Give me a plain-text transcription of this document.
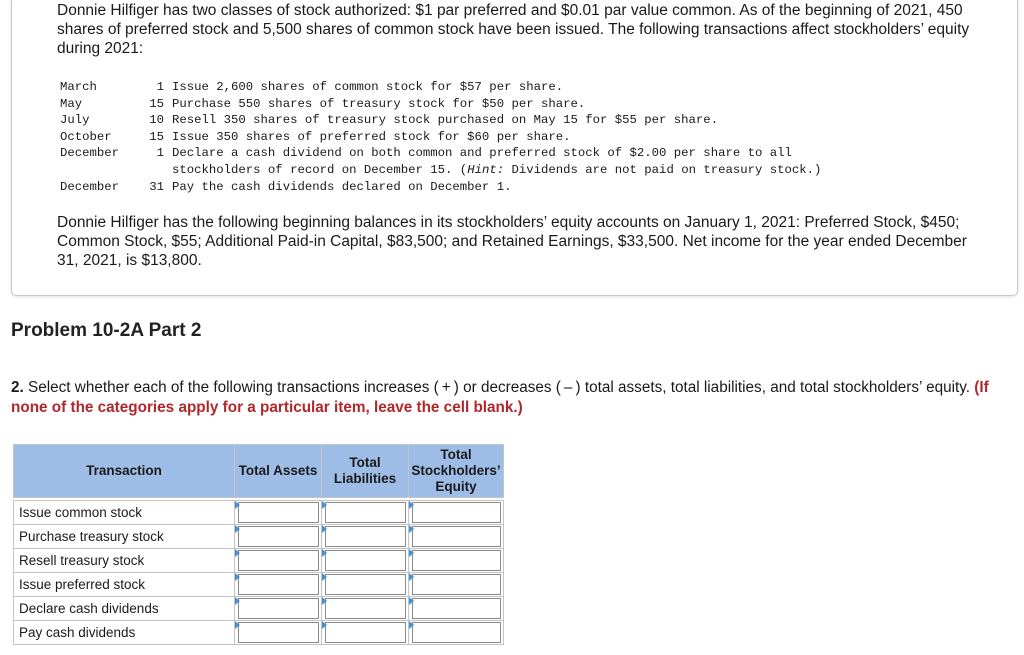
Donnie Hilfiger has two classes of stock authorized: $1 par preferred and $0.01 par value common. As of the beginning of 2021, 450 shares of preferred stock and 5,500 shares of common stock have been issued. The following transactions affect stockholders’ equity during 2021:

March	1	Issue 2,600 shares of common stock for $57 per share.
May	15	Purchase 550 shares of treasury stock for $50 per share.
July	10	Resell 350 shares of treasury stock purchased on May 15 for $55 per share.
October	15	Issue 350 shares of preferred stock for $60 per share.
December	1	Declare a cash dividend on both common and preferred stock of $2.00 per share to all
		stockholders of record on December 15. (Hint: Dividends are not paid on treasury stock.)
December	31	Pay the cash dividends declared on December 1.

Donnie Hilfiger has the following beginning balances in its stockholders’ equity accounts on January 1, 2021: Preferred Stock, $450; Common Stock, $55; Additional Paid-in Capital, $83,500; and Retained Earnings, $33,500. Net income for the year ended December 31, 2021, is $13,800.

Problem 10-2A Part 2

2. Select whether each of the following transactions increases ( + ) or decreases ( – ) total assets, total liabilities, and total stockholders’ equity. (If none of the categories apply for a particular item, leave the cell blank.)

Transaction	Total Assets	Total Liabilities	Total Stockholders’ Equity

Issue common stock	

Purchase treasury stock	

Resell treasury stock	

Issue preferred stock	

Declare cash dividends	

Pay cash dividends	
